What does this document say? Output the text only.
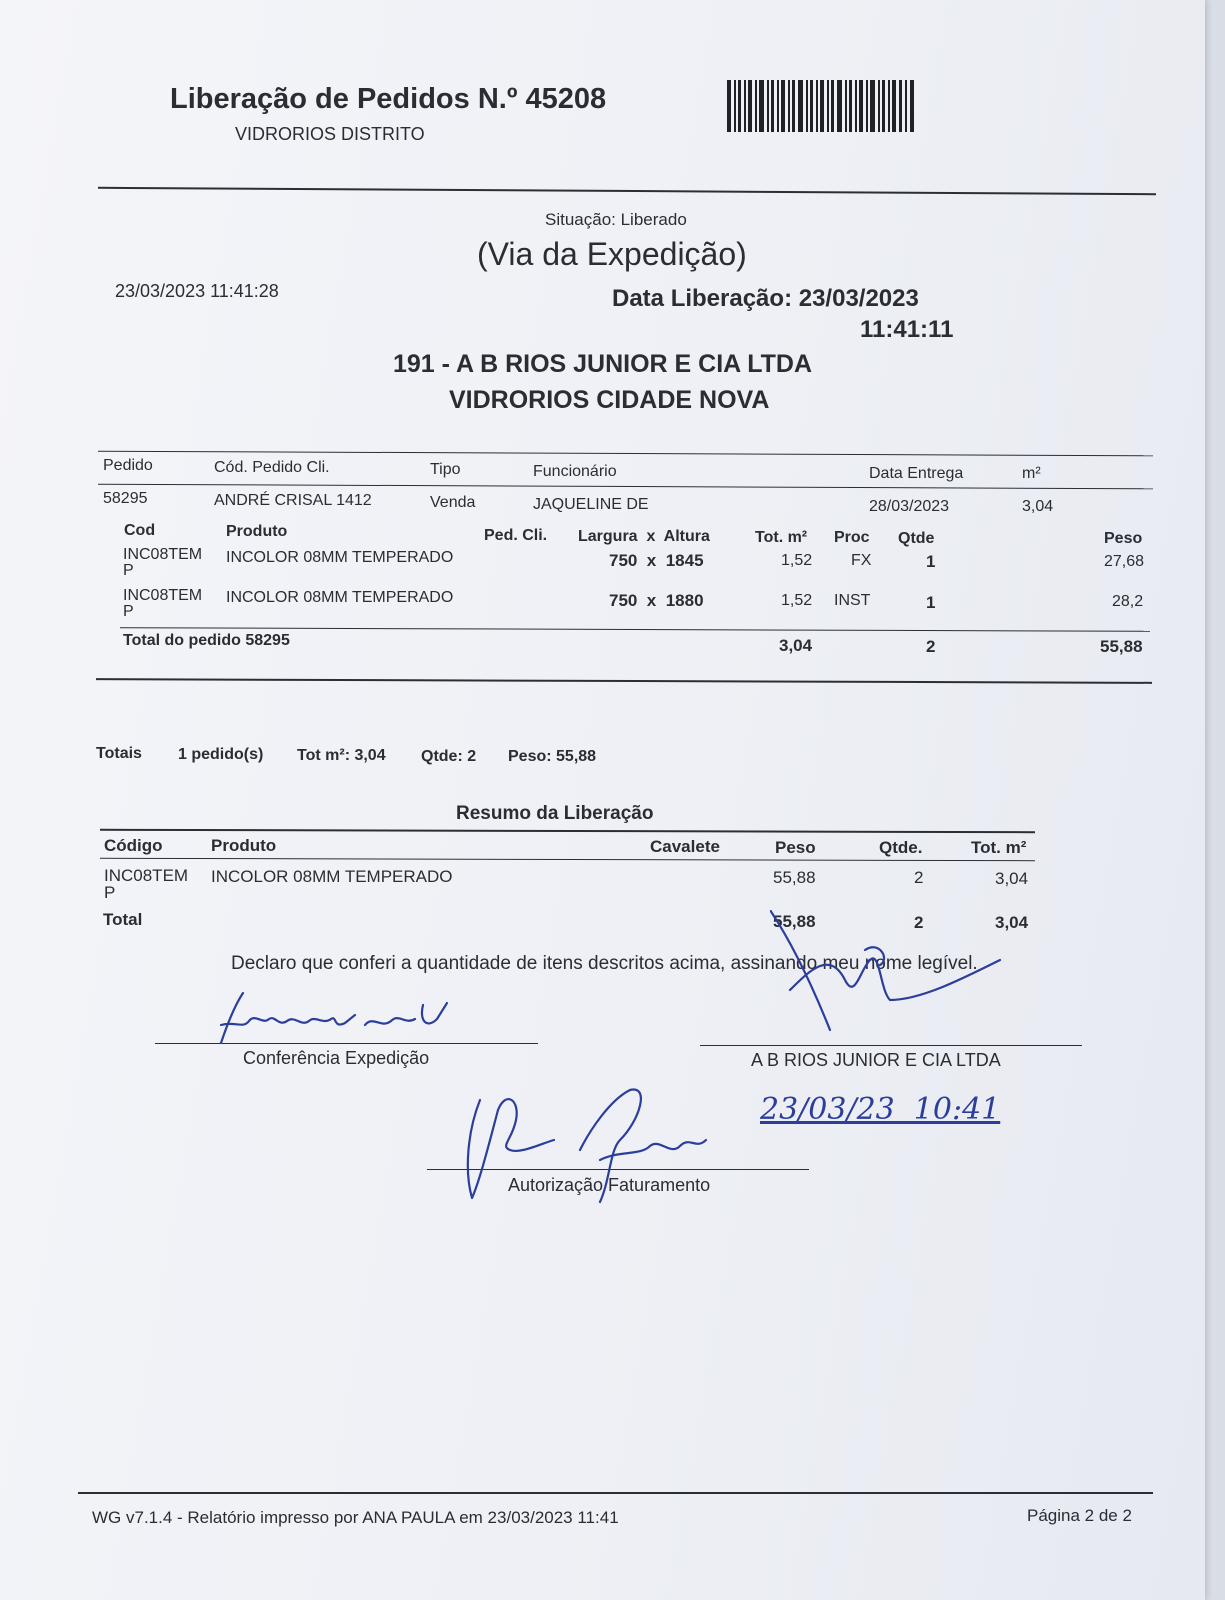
Liberação de Pedidos N.º 45208
VIDRORIOS DISTRITO
Situação: Liberado
(Via da Expedição)
23/03/2023 11:41:28	Data Liberação: 23/03/2023
11:41:11
191 - A B RIOS JUNIOR E CIA LTDA
VIDRORIOS CIDADE NOVA
Pedido	Cód. Pedido Cli.	Tipo	Funcionário	Data Entrega	m²
58295	ANDRÉ CRISAL 1412	Venda	JAQUELINE DE	28/03/2023	3,04
Cod	Produto	Ped. Cli. Largura  x  Altura	Tot. m² Proc Qtde	Peso
INC08TEM
P
INCOLOR 08MM TEMPERADO	750  x  1845	1,52 FX	1	27,68
INC08TEM
P
INCOLOR 08MM TEMPERADO	750  x  1880	1,52 INST	1	28,2
Total do pedido 58295	3,04	2	55,88
Totais 1 pedido(s) Tot m²: 3,04 Qtde: 2 Peso: 55,88
Resumo da Liberação
Código	Produto	Cavalete	Peso	Qtde.	Tot. m²
INC08TEM
P
INCOLOR 08MM TEMPERADO	55,88	2	3,04
Total	55,88	2	3,04
Declaro que conferi a quantidade de itens descritos acima, assinando meu nome legível.
Conferência Expedição	A B RIOS JUNIOR E CIA LTDA
Autorização Faturamento
23/03/23  10:41
WG v7.1.4 - Relatório impresso por ANA PAULA em 23/03/2023 11:41	Página 2 de 2
